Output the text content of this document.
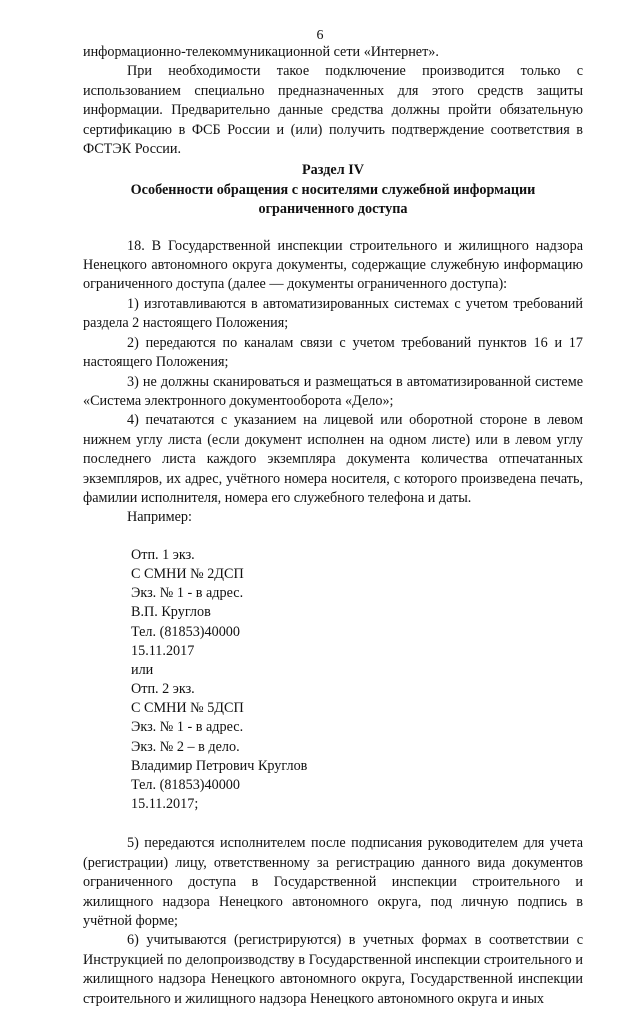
6

информационно-телекоммуникационной сети «Интернет».

При необходимости такое подключение производится только с использованием специально предназначенных для этого средств защиты информации. Предварительно данные средства должны пройти обязательную сертификацию в ФСБ России и (или) получить подтверждение соответствия в ФСТЭК России.

Раздел IV

Особенности обращения с носителями служебной информации ограниченного доступа

18. В Государственной инспекции строительного и жилищного надзора Ненецкого автономного округа документы, содержащие служебную информацию ограниченного доступа (далее — документы ограниченного доступа):

1) изготавливаются в автоматизированных системах с учетом требований раздела 2 настоящего Положения;

2) передаются по каналам связи с учетом требований пунктов 16 и 17 настоящего Положения;

3) не должны сканироваться и размещаться в автоматизированной системе «Система электронного документооборота «Дело»;

4) печатаются с указанием на лицевой или оборотной стороне в левом нижнем углу листа (если документ исполнен на одном листе) или в левом углу последнего листа каждого экземпляра документа количества отпечатанных экземпляров, их адрес, учётного номера носителя, с которого произведена печать, фамилии исполнителя, номера его служебного телефона и даты.

Например:

Отп. 1 экз.
С СМНИ № 2ДСП
Экз. № 1 - в адрес.
В.П. Круглов
Тел. (81853)40000
15.11.2017
или
Отп. 2 экз.
С СМНИ № 5ДСП
Экз. № 1 - в адрес.
Экз. № 2 – в дело.
Владимир Петрович Круглов
Тел. (81853)40000
15.11.2017;

5) передаются исполнителем после подписания руководителем для учета (регистрации) лицу, ответственному за регистрацию данного вида документов ограниченного доступа в Государственной инспекции строительного и жилищного надзора Ненецкого автономного округа, под личную подпись в учётной форме;

6) учитываются (регистрируются) в учетных формах в соответствии с Инструкцией по делопроизводству в Государственной инспекции строительного и жилищного надзора Ненецкого автономного округа, Государственной инспекции строительного и жилищного надзора Ненецкого автономного округа и иных
